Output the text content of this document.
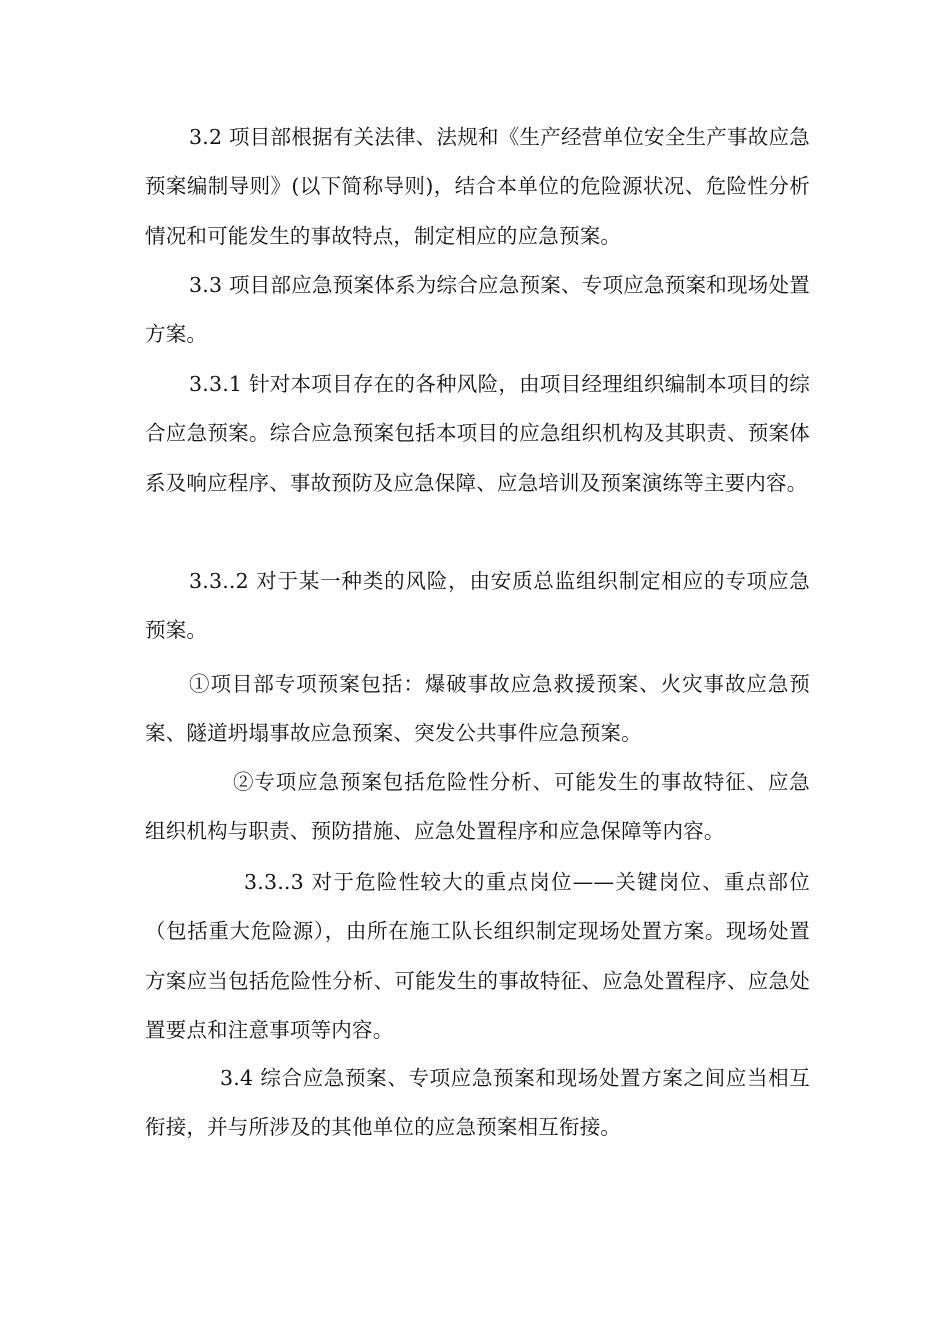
3.2 项目部根据有关法律、法规和《生产经营单位安全生产事故应急预案编制导则》(以下简称导则)，结合本单位的危险源状况、危险性分析情况和可能发生的事故特点，制定相应的应急预案。

3.3 项目部应急预案体系为综合应急预案、专项应急预案和现场处置方案。

3.3.1 针对本项目存在的各种风险，由项目经理组织编制本项目的综合应急预案。综合应急预案包括本项目的应急组织机构及其职责、预案体系及响应程序、事故预防及应急保障、应急培训及预案演练等主要内容。

3.3..2 对于某一种类的风险，由安质总监组织制定相应的专项应急预案。

①项目部专项预案包括：爆破事故应急救援预案、火灾事故应急预案、隧道坍塌事故应急预案、突发公共事件应急预案。

②专项应急预案包括危险性分析、可能发生的事故特征、应急组织机构与职责、预防措施、应急处置程序和应急保障等内容。

3.3..3 对于危险性较大的重点岗位——关键岗位、重点部位（包括重大危险源），由所在施工队长组织制定现场处置方案。现场处置方案应当包括危险性分析、可能发生的事故特征、应急处置程序、应急处置要点和注意事项等内容。

3.4 综合应急预案、专项应急预案和现场处置方案之间应当相互衔接，并与所涉及的其他单位的应急预案相互衔接。
